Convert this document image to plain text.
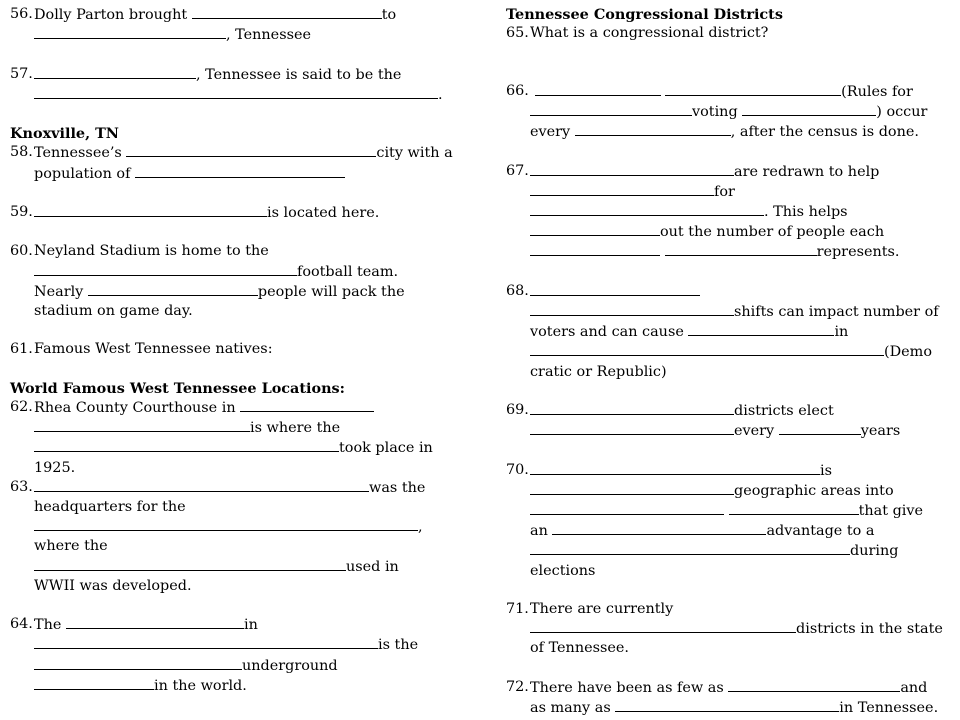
56. Dolly Parton brought	to
, Tennessee
57.	, Tennessee is said to be the
.
Knoxville, TN
58. Tennessee’s	city with a
population of
59.	is located here.
60. Neyland Stadium is home to the
football team.
Nearly	people will pack the
stadium on game day.
61. Famous West Tennessee natives:
World Famous West Tennessee Locations:
62. Rhea County Courthouse in
is where the
took place in
1925.
63.	was the
headquarters for the
,
where the
used in
WWII was developed.
64. The	in
is the
underground
in the world.
Tennessee Congressional Districts
65. What is a congressional district?
66.	(Rules for
voting	) occur
every	, after the census is done.
67.	are redrawn to help
for
. This helps
out the number of people each
represents.
68.
shifts can impact number of
voters and can cause	in
(Demo
cratic or Republic)
69.	districts elect
every	years
70.	is
geographic areas into
that give
an	advantage to a
during
elections
71. There are currently
districts in the state
of Tennessee.
72. There have been as few as	and
as many as	in Tennessee.
